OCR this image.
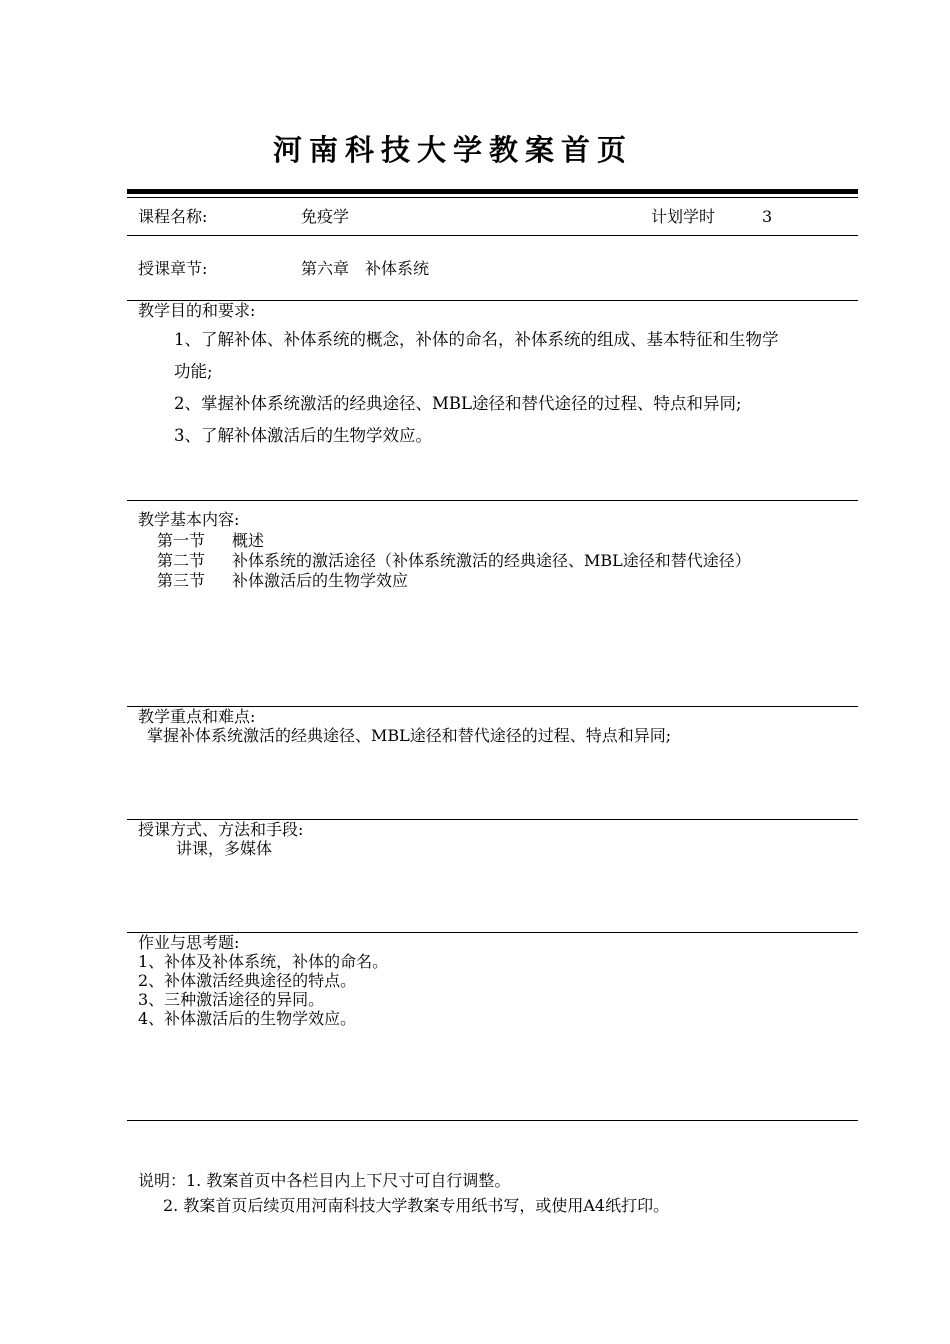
河南科技大学教案首页
课程名称:	免疫学	计划学时	3
授课章节:	第六章　补体系统
教学目的和要求:
1、了解补体、补体系统的概念，补体的命名，补体系统的组成、基本特征和生物学
功能;
2、掌握补体系统激活的经典途径、MBL途径和替代途径的过程、特点和异同;
3、了解补体激活后的生物学效应。
教学基本内容:
第一节 概述
第二节 补体系统的激活途径（补体系统激活的经典途径、MBL途径和替代途径）
第三节 补体激活后的生物学效应
教学重点和难点:
掌握补体系统激活的经典途径、MBL途径和替代途径的过程、特点和异同;
授课方式、方法和手段:
讲课，多媒体
作业与思考题:
1、补体及补体系统，补体的命名。
2、补体激活经典途径的特点。
3、三种激活途径的异同。
4、补体激活后的生物学效应。
说明：1. 教案首页中各栏目内上下尺寸可自行调整。
2. 教案首页后续页用河南科技大学教案专用纸书写，或使用A4纸打印。
